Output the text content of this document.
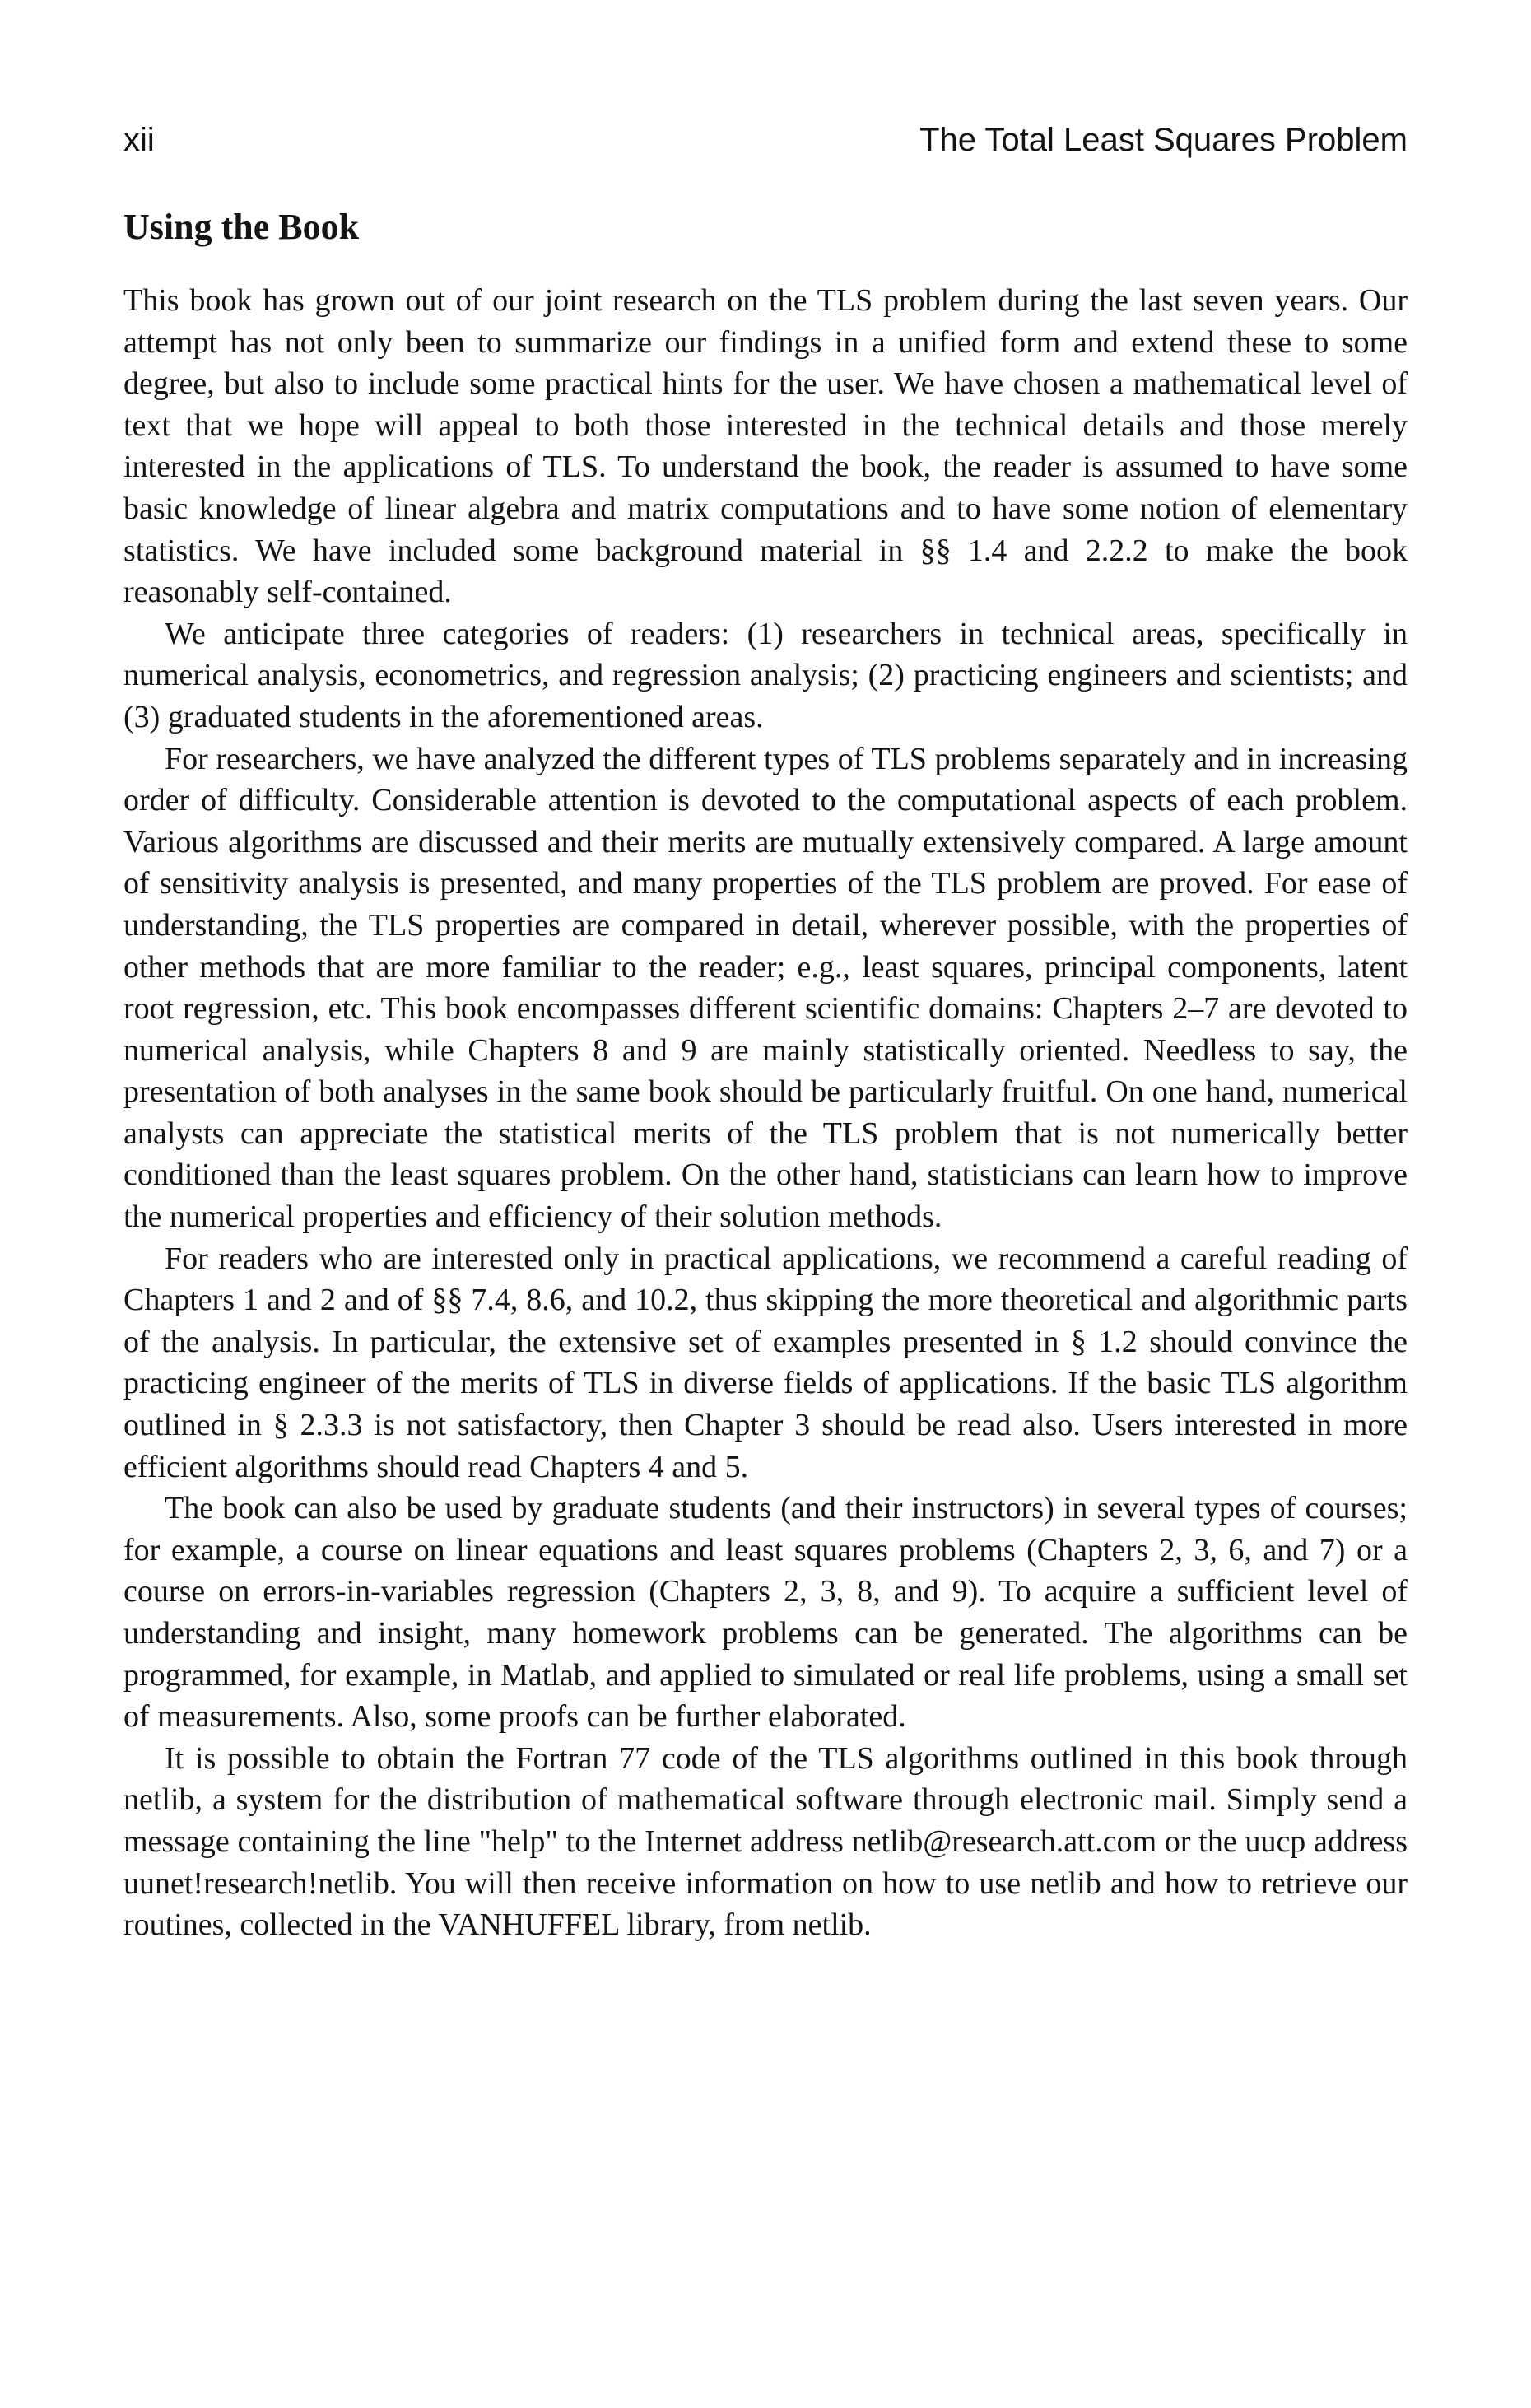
xii	The Total Least Squares Problem
Using the Book

This book has grown out of our joint research on the TLS problem during the last seven years. Our attempt has not only been to summarize our findings in a unified form and extend these to some degree, but also to include some practical hints for the user. We have chosen a mathematical level of text that we hope will appeal to both those interested in the technical details and those merely interested in the applications of TLS. To understand the book, the reader is assumed to have some basic knowledge of linear algebra and matrix computations and to have some notion of elementary statistics. We have included some background material in §§ 1.4 and 2.2.2 to make the book reasonably self-contained.

We anticipate three categories of readers: (1) researchers in technical areas, specifically in numerical analysis, econometrics, and regression analysis; (2) practicing engineers and scientists; and (3) graduated students in the aforementioned areas.

For researchers, we have analyzed the different types of TLS problems separately and in increasing order of difficulty. Considerable attention is devoted to the computational aspects of each problem. Various algorithms are discussed and their merits are mutually extensively compared. A large amount of sensitivity analysis is presented, and many properties of the TLS problem are proved. For ease of understanding, the TLS properties are compared in detail, wherever possible, with the properties of other methods that are more familiar to the reader; e.g., least squares, principal components, latent root regression, etc. This book encompasses different scientific domains: Chapters 2–7 are devoted to numerical analysis, while Chapters 8 and 9 are mainly statistically oriented. Needless to say, the presentation of both analyses in the same book should be particularly fruitful. On one hand, numerical analysts can appreciate the statistical merits of the TLS problem that is not numerically better conditioned than the least squares problem. On the other hand, statisticians can learn how to improve the numerical properties and efficiency of their solution methods.

For readers who are interested only in practical applications, we recommend a careful reading of Chapters 1 and 2 and of §§ 7.4, 8.6, and 10.2, thus skipping the more theoretical and algorithmic parts of the analysis. In particular, the extensive set of examples presented in § 1.2 should convince the practicing engineer of the merits of TLS in diverse fields of applications. If the basic TLS algorithm outlined in § 2.3.3 is not satisfactory, then Chapter 3 should be read also. Users interested in more efficient algorithms should read Chapters 4 and 5.

The book can also be used by graduate students (and their instructors) in several types of courses; for example, a course on linear equations and least squares problems (Chapters 2, 3, 6, and 7) or a course on errors-in-variables regression (Chapters 2, 3, 8, and 9). To acquire a sufficient level of understanding and insight, many homework problems can be generated. The algorithms can be programmed, for example, in Matlab, and applied to simulated or real life problems, using a small set of measurements. Also, some proofs can be further elaborated.

It is possible to obtain the Fortran 77 code of the TLS algorithms outlined in this book through netlib, a system for the distribution of mathematical software through electronic mail. Simply send a message containing the line "help" to the Internet address netlib@research.att.com or the uucp address uunet!research!netlib. You will then receive information on how to use netlib and how to retrieve our routines, collected in the VANHUFFEL library, from netlib.
